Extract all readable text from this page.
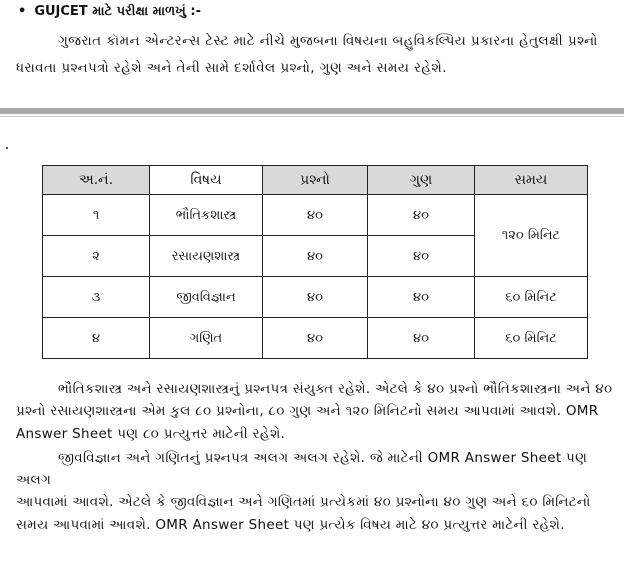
• GUJCET માટે પરીક્ષા માળખું :-
ગુજરાત કૉમન એન્ટરન્સ ટેસ્ટ માટે નીચે મુજબના વિષયના બહુવિકલ્પિય પ્રકારના હેતુલક્ષી પ્રશ્નો
ધરાવતા પ્રશ્નપત્રો રહેશે અને તેની સામે દર્શાવેલ પ્રશ્નો, ગુણ અને સમય રહેશે.
અ.નં.	વિષય	પ્રશ્નો	ગુણ	સમય
૧	ભૌતિકશાસ્ત્ર	૪૦	૪૦	૧૨૦ મિનિટ
૨	રસાયણશાસ્ત્ર	૪૦	૪૦	
૩	જીવવિજ્ઞાન	૪૦	૪૦	૬૦ મિનિટ
૪	ગણિત	૪૦	૪૦	૬૦ મિનિટ

ભૌતિકશાસ્ત્ર અને રસાયણશાસ્ત્રનું પ્રશ્નપત્ર સંયુક્ત રહેશે. એટલે કે ૪૦ પ્રશ્નો ભૌતિકશાસ્ત્રના અને ૪૦
પ્રશ્નો રસાયણશાસ્ત્રના એમ કુલ ૮૦ પ્રશ્નોના, ૮૦ ગુણ અને ૧૨૦ મિનિટનો સમય આપવામાં આવશે. OMR
Answer Sheet પણ ૮૦ પ્રત્યુત્તર માટેની રહેશે.

જીવવિજ્ઞાન અને ગણિતનું પ્રશ્નપત્ર અલગ અલગ રહેશે. જે માટેની OMR Answer Sheet પણ અલગ
આપવામાં આવશે. એટલે કે જીવવિજ્ઞાન અને ગણિતમાં પ્રત્યેકમાં ૪૦ પ્રશ્નોના ૪૦ ગુણ અને ૬૦ મિનિટનો
સમય આપવામાં આવશે. OMR Answer Sheet પણ પ્રત્યેક વિષય માટે ૪૦ પ્રત્યુત્તર માટેની રહેશે.
